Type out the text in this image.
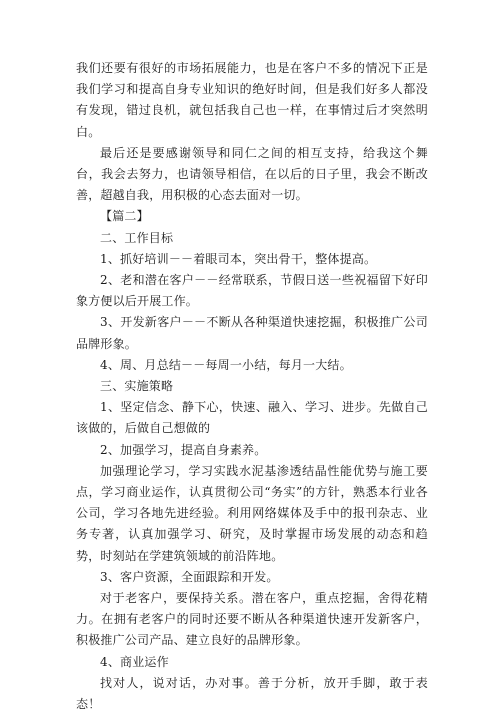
我们还要有很好的市场拓展能力，也是在客户不多的情况下正是我们学习和提高自身专业知识的绝好时间，但是我们好多人都没有发现，错过良机，就包括我自己也一样，在事情过后才突然明白。

最后还是要感谢领导和同仁之间的相互支持，给我这个舞台，我会去努力，也请领导相信，在以后的日子里，我会不断改善，超越自我，用积极的心态去面对一切。

【篇二】

二、工作目标

1、抓好培训－－着眼司本，突出骨干，整体提高。

2、老和潜在客户－－经常联系，节假日送一些祝福留下好印象方便以后开展工作。

3、开发新客户－－不断从各种渠道快速挖掘，积极推广公司品牌形象。

4、周、月总结－－每周一小结，每月一大结。

三、实施策略

1、坚定信念、静下心，快速、融入、学习、进步。先做自己该做的，后做自己想做的

2、加强学习，提高自身素养。

加强理论学习，学习实践水泥基渗透结晶性能优势与施工要点，学习商业运作，认真贯彻公司“务实”的方针，熟悉本行业各公司，学习各地先进经验。利用网络媒体及手中的报刊杂志、业务专著，认真加强学习、研究，及时掌握市场发展的动态和趋势，时刻站在学建筑领域的前沿阵地。

3、客户资源，全面跟踪和开发。

对于老客户，要保持关系。潜在客户，重点挖掘，舍得花精力。在拥有老客户的同时还要不断从各种渠道快速开发新客户，积极推广公司产品、建立良好的品牌形象。

4、商业运作

找对人，说对话，办对事。善于分析，放开手脚，敢于表态！
